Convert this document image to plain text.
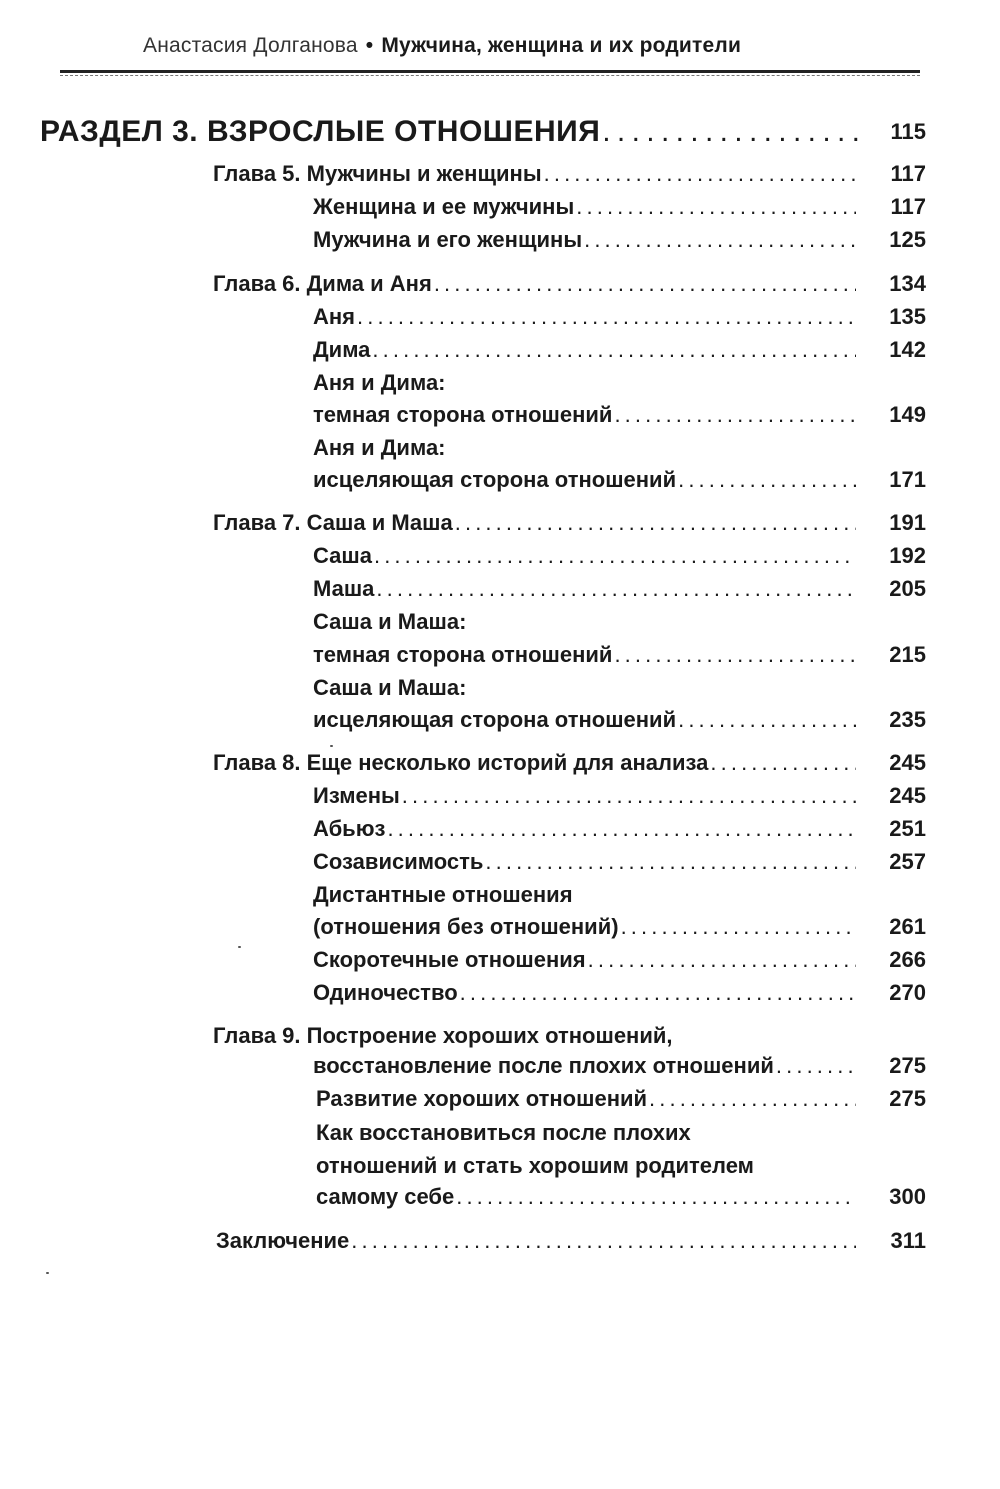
Анастасия Долганова • Мужчина, женщина и их родители
РАЗДЕЛ 3. ВЗРОСЛЫЕ ОТНОШЕНИЯ . . .	115
Глава 5. Мужчины и женщины . . .	117
Женщина и ее мужчины . . .	117
Мужчина и его женщины . . .	125
Глава 6. Дима и Аня . . .	134
Аня . . .	135
Дима . . .	142
Аня и Дима:
темная сторона отношений . . .	149
Аня и Дима:
исцеляющая сторона отношений . . .	171
Глава 7. Саша и Маша . . .	191
Саша . . .	192
Маша . . .	205
Саша и Маша:
темная сторона отношений . . .	215
Саша и Маша:
исцеляющая сторона отношений . . .	235
Глава 8. Еще несколько историй для анализа . . .	245
Измены . . .	245
Абьюз . . .	251
Созависимость . . .	257
Дистантные отношения
(отношения без отношений) . . .	261
Скоротечные отношения . . .	266
Одиночество . . .	270
Глава 9. Построение хороших отношений,
восстановление после плохих отношений . . .	275
Развитие хороших отношений . . .	275
Как восстановиться после плохих
отношений и стать хорошим родителем
самому себе . . .	300
Заключение . . .	311
